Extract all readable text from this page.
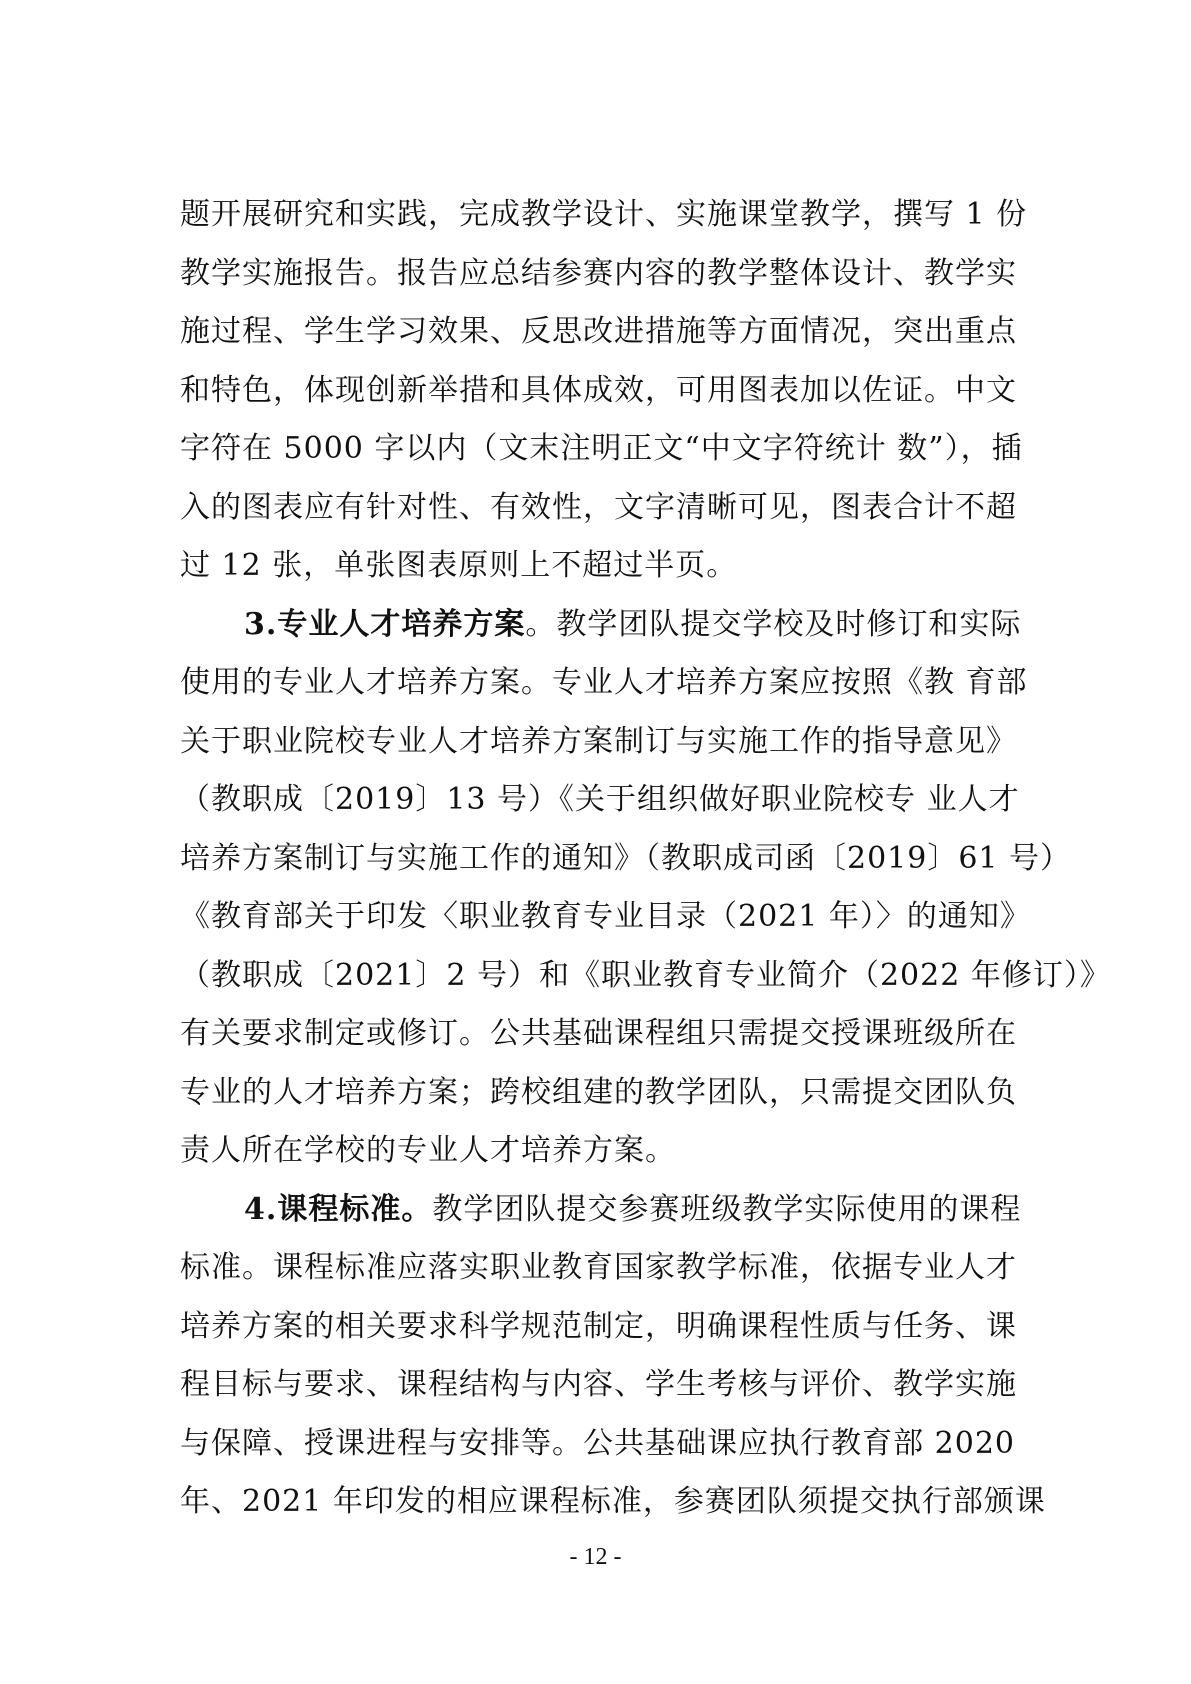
题开展研究和实践，完成教学设计、实施课堂教学，撰写 1 份
教学实施报告。报告应总结参赛内容的教学整体设计、教学实
施过程、学生学习效果、反思改进措施等方面情况，突出重点
和特色，体现创新举措和具体成效，可用图表加以佐证。中文
字符在 5000 字以内（文末注明正文“中文字符统计 数”），插
入的图表应有针对性、有效性，文字清晰可见，图表合计不超
过 12 张，单张图表原则上不超过半页。
3.专业人才培养方案。教学团队提交学校及时修订和实际
使用的专业人才培养方案。专业人才培养方案应按照《教 育部
关于职业院校专业人才培养方案制订与实施工作的指导意见》
（教职成〔2019〕13 号）《关于组织做好职业院校专 业人才
培养方案制订与实施工作的通知》（教职成司函〔2019〕61 号）
《教育部关于印发〈职业教育专业目录（2021 年）〉的通知》
（教职成〔2021〕2 号）和《职业教育专业简介（2022 年修订）》
有关要求制定或修订。公共基础课程组只需提交授课班级所在
专业的人才培养方案；跨校组建的教学团队，只需提交团队负
责人所在学校的专业人才培养方案。
4.课程标准。教学团队提交参赛班级教学实际使用的课程
标准。课程标准应落实职业教育国家教学标准，依据专业人才
培养方案的相关要求科学规范制定，明确课程性质与任务、课
程目标与要求、课程结构与内容、学生考核与评价、教学实施
与保障、授课进程与安排等。公共基础课应执行教育部 2020
年、2021 年印发的相应课程标准，参赛团队须提交执行部颁课
- 12 -
